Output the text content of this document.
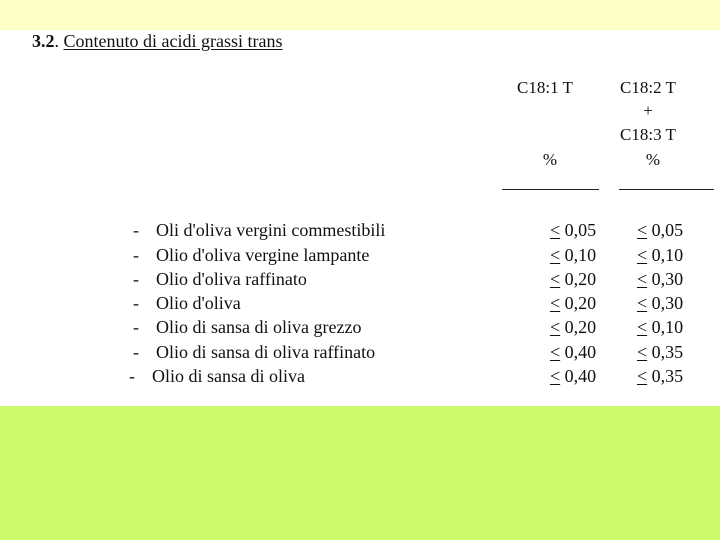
3.2. Contenuto di acidi grassi trans
C18:1 T	C18:2 T
+
C18:3 T
%	%
- Oli d'oliva vergini commestibili	≤ 0,05 ≤ 0,05
- Olio d'oliva vergine lampante	≤ 0,10 ≤ 0,10
- Olio d'oliva raffinato	≤ 0,20 ≤ 0,30
- Olio d'oliva	≤ 0,20 ≤ 0,30
- Olio di sansa di oliva grezzo	≤ 0,20 ≤ 0,10
- Olio di sansa di oliva raffinato	≤ 0,40 ≤ 0,35
- Olio di sansa di oliva	≤ 0,40 ≤ 0,35
